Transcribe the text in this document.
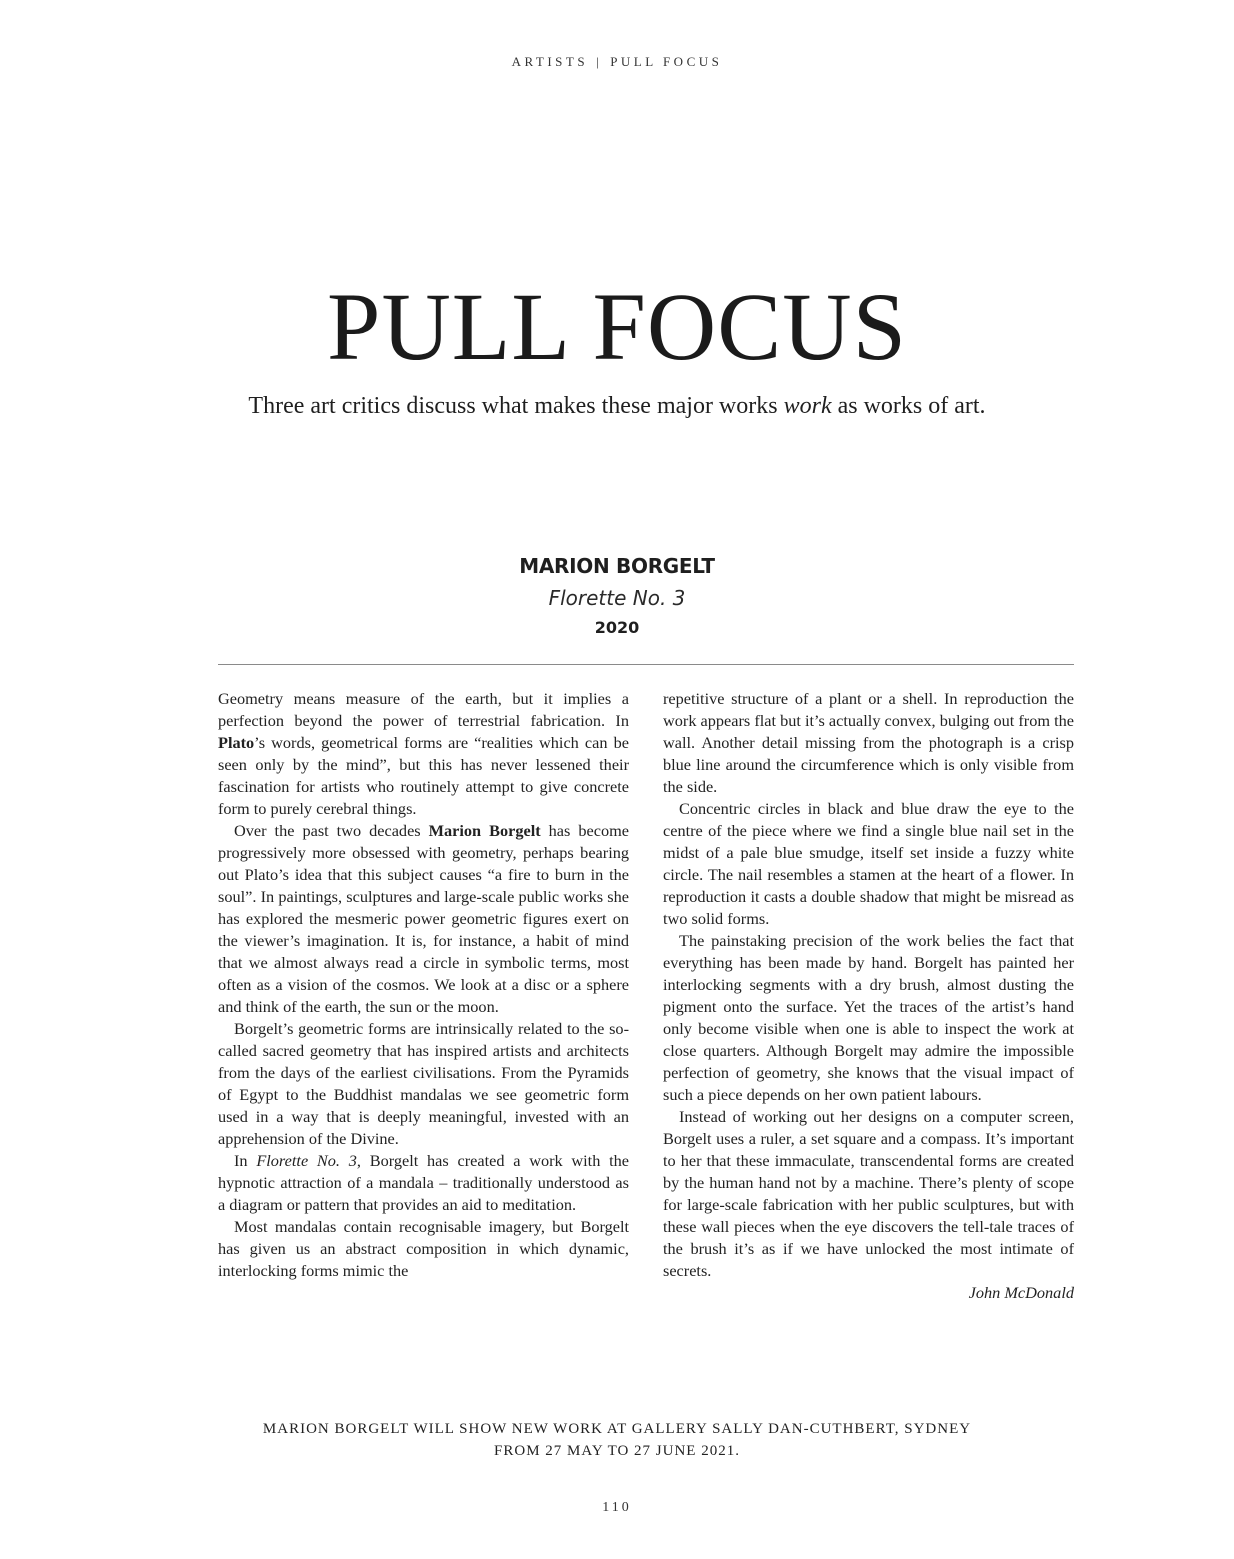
ARTISTS | PULL FOCUS
PULL FOCUS
Three art critics discuss what makes these major works work as works of art.
MARION BORGELT
Florette No. 3
2020

Geometry means measure of the earth, but it implies a perfection beyond the power of terrestrial fabrication. In Plato’s words, geometrical forms are “realities which can be seen only by the mind”, but this has never lessened their fascination for artists who routinely attempt to give concrete form to purely cerebral things.

Over the past two decades Marion Borgelt has become progressively more obsessed with geometry, perhaps bearing out Plato’s idea that this subject causes “a fire to burn in the soul”. In paintings, sculptures and large-scale public works she has explored the mesmeric power geometric figures exert on the viewer’s imagination. It is, for instance, a habit of mind that we almost always read a circle in symbolic terms, most often as a vision of the cosmos. We look at a disc or a sphere and think of the earth, the sun or the moon.

Borgelt’s geometric forms are intrinsically related to the so-called sacred geometry that has inspired artists and architects from the days of the earliest civilisations. From the Pyramids of Egypt to the Buddhist mandalas we see geometric form used in a way that is deeply meaningful, invested with an apprehension of the Divine.

In Florette No. 3, Borgelt has created a work with the hypnotic attraction of a mandala – traditionally understood as a diagram or pattern that provides an aid to meditation.

Most mandalas contain recognisable imagery, but Borgelt has given us an abstract composition in which dynamic, interlocking forms mimic the

repetitive structure of a plant or a shell. In reproduction the work appears flat but it’s actually convex, bulging out from the wall. Another detail missing from the photograph is a crisp blue line around the circumference which is only visible from the side.

Concentric circles in black and blue draw the eye to the centre of the piece where we find a single blue nail set in the midst of a pale blue smudge, itself set inside a fuzzy white circle. The nail resembles a stamen at the heart of a flower. In reproduction it casts a double shadow that might be misread as two solid forms.

The painstaking precision of the work belies the fact that everything has been made by hand. Borgelt has painted her interlocking segments with a dry brush, almost dusting the pigment onto the surface. Yet the traces of the artist’s hand only become visible when one is able to inspect the work at close quarters. Although Borgelt may admire the impossible perfection of geometry, she knows that the visual impact of such a piece depends on her own patient labours.

Instead of working out her designs on a computer screen, Borgelt uses a ruler, a set square and a compass. It’s important to her that these immaculate, transcendental forms are created by the human hand not by a machine. There’s plenty of scope for large-scale fabrication with her public sculptures, but with these wall pieces when the eye discovers the tell-tale traces of the brush it’s as if we have unlocked the most intimate of secrets.

John McDonald

MARION BORGELT WILL SHOW NEW WORK AT GALLERY SALLY DAN-CUTHBERT, SYDNEY
FROM 27 MAY TO 27 JUNE 2021.
110
